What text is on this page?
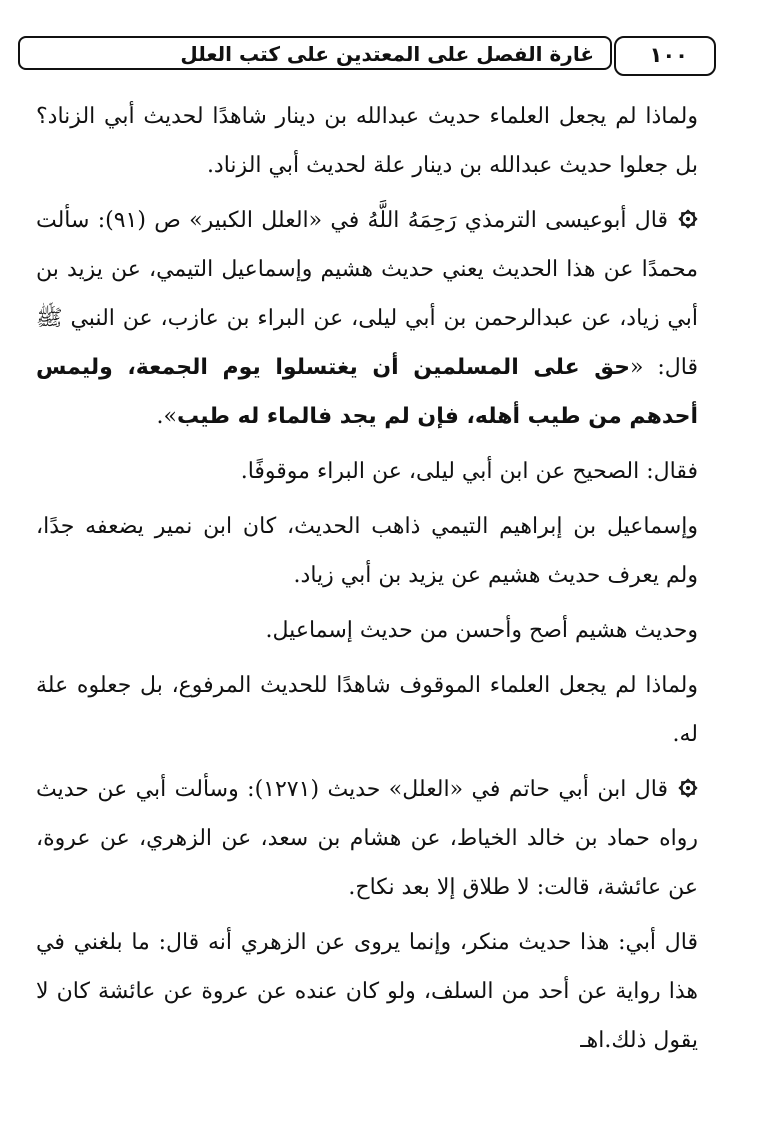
غارة الفصل على المعتدين على كتب العلل	١٠٠

ولماذا لم يجعل العلماء حديث عبدالله بن دينار شاهدًا لحديث أبي الزناد؟ بل جعلوا حديث عبدالله بن دينار علة لحديث أبي الزناد.

قال أبوعيسى الترمذي رَحِمَهُ اللَّهُ في «العلل الكبير» ص (٩١): سألت محمدًا عن هذا الحديث يعني حديث هشيم وإسماعيل التيمي، عن يزيد بن أبي زياد، عن عبدالرحمن بن أبي ليلى، عن البراء بن عازب، عن النبي ﷺ قال: «حق على المسلمين أن يغتسلوا يوم الجمعة، وليمس أحدهم من طيب أهله، فإن لم يجد فالماء له طيب».

فقال: الصحيح عن ابن أبي ليلى، عن البراء موقوفًا.

وإسماعيل بن إبراهيم التيمي ذاهب الحديث، كان ابن نمير يضعفه جدًا، ولم يعرف حديث هشيم عن يزيد بن أبي زياد.

وحديث هشيم أصح وأحسن من حديث إسماعيل.

ولماذا لم يجعل العلماء الموقوف شاهدًا للحديث المرفوع، بل جعلوه علة له.

قال ابن أبي حاتم في «العلل» حديث (١٢٧١): وسألت أبي عن حديث رواه حماد بن خالد الخياط، عن هشام بن سعد، عن الزهري، عن عروة، عن عائشة، قالت: لا طلاق إلا بعد نكاح.

قال أبي: هذا حديث منكر، وإنما يروى عن الزهري أنه قال: ما بلغني في هذا رواية عن أحد من السلف، ولو كان عنده عن عروة عن عائشة كان لا يقول ذلك.اهـ
